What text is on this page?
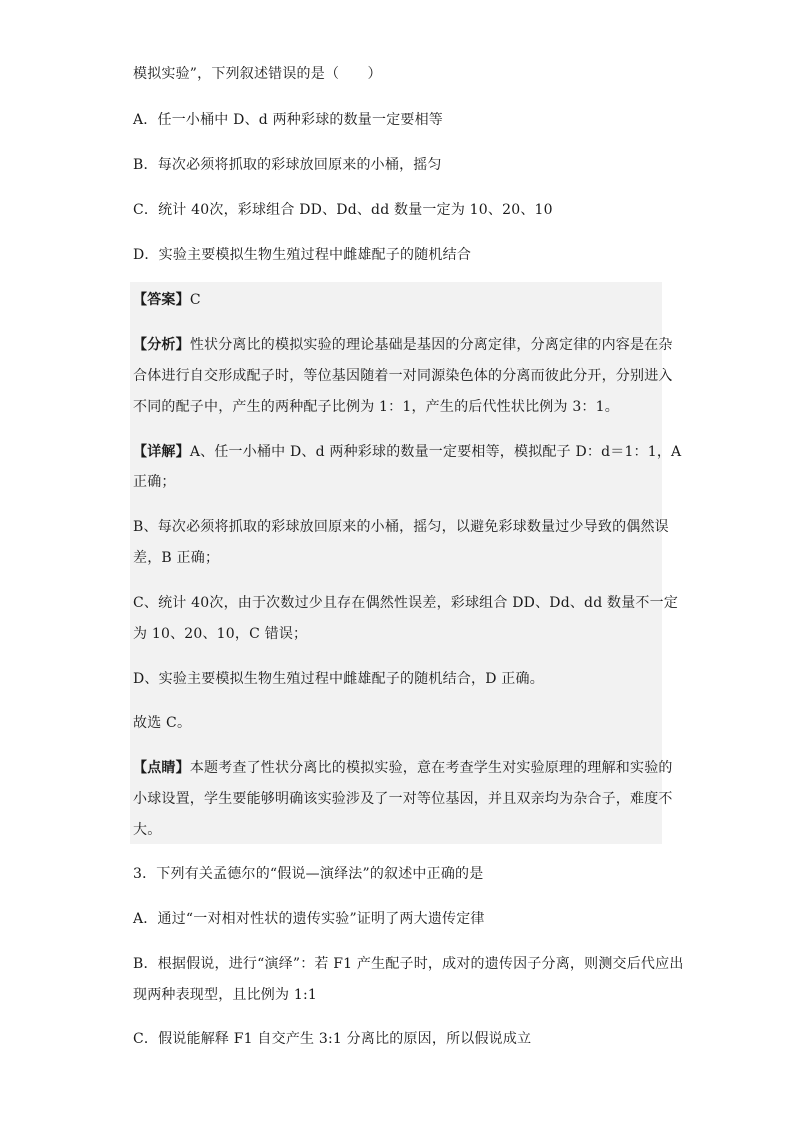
模拟实验”，下列叙述错误的是（　　）
A．任一小桶中 D、d 两种彩球的数量一定要相等
B．每次必须将抓取的彩球放回原来的小桶，摇匀
C．统计 40次，彩球组合 DD、Dd、dd 数量一定为 10、20、10
D．实验主要模拟生物生殖过程中雌雄配子的随机结合
【答案】C
【分析】性状分离比的模拟实验的理论基础是基因的分离定律，分离定律的内容是在杂
合体进行自交形成配子时，等位基因随着一对同源染色体的分离而彼此分开，分别进入
不同的配子中，产生的两种配子比例为 1：1，产生的后代性状比例为 3：1。
【详解】A、任一小桶中 D、d 两种彩球的数量一定要相等，模拟配子 D：d＝1：1，A
正确；
B、每次必须将抓取的彩球放回原来的小桶，摇匀，以避免彩球数量过少导致的偶然误
差，B 正确；
C、统计 40次，由于次数过少且存在偶然性误差，彩球组合 DD、Dd、dd 数量不一定
为 10、20、10，C 错误；
D、实验主要模拟生物生殖过程中雌雄配子的随机结合，D 正确。
故选 C。
【点睛】本题考查了性状分离比的模拟实验，意在考查学生对实验原理的理解和实验的
小球设置，学生要能够明确该实验涉及了一对等位基因，并且双亲均为杂合子，难度不
大。
3．下列有关孟德尔的“假说—演绎法”的叙述中正确的是
A．通过“一对相对性状的遗传实验”证明了两大遗传定律
B．根据假说，进行“演绎”：若 F1 产生配子时，成对的遗传因子分离，则测交后代应出
现两种表现型，且比例为 1:1
C．假说能解释 F1 自交产生 3:1 分离比的原因，所以假说成立
